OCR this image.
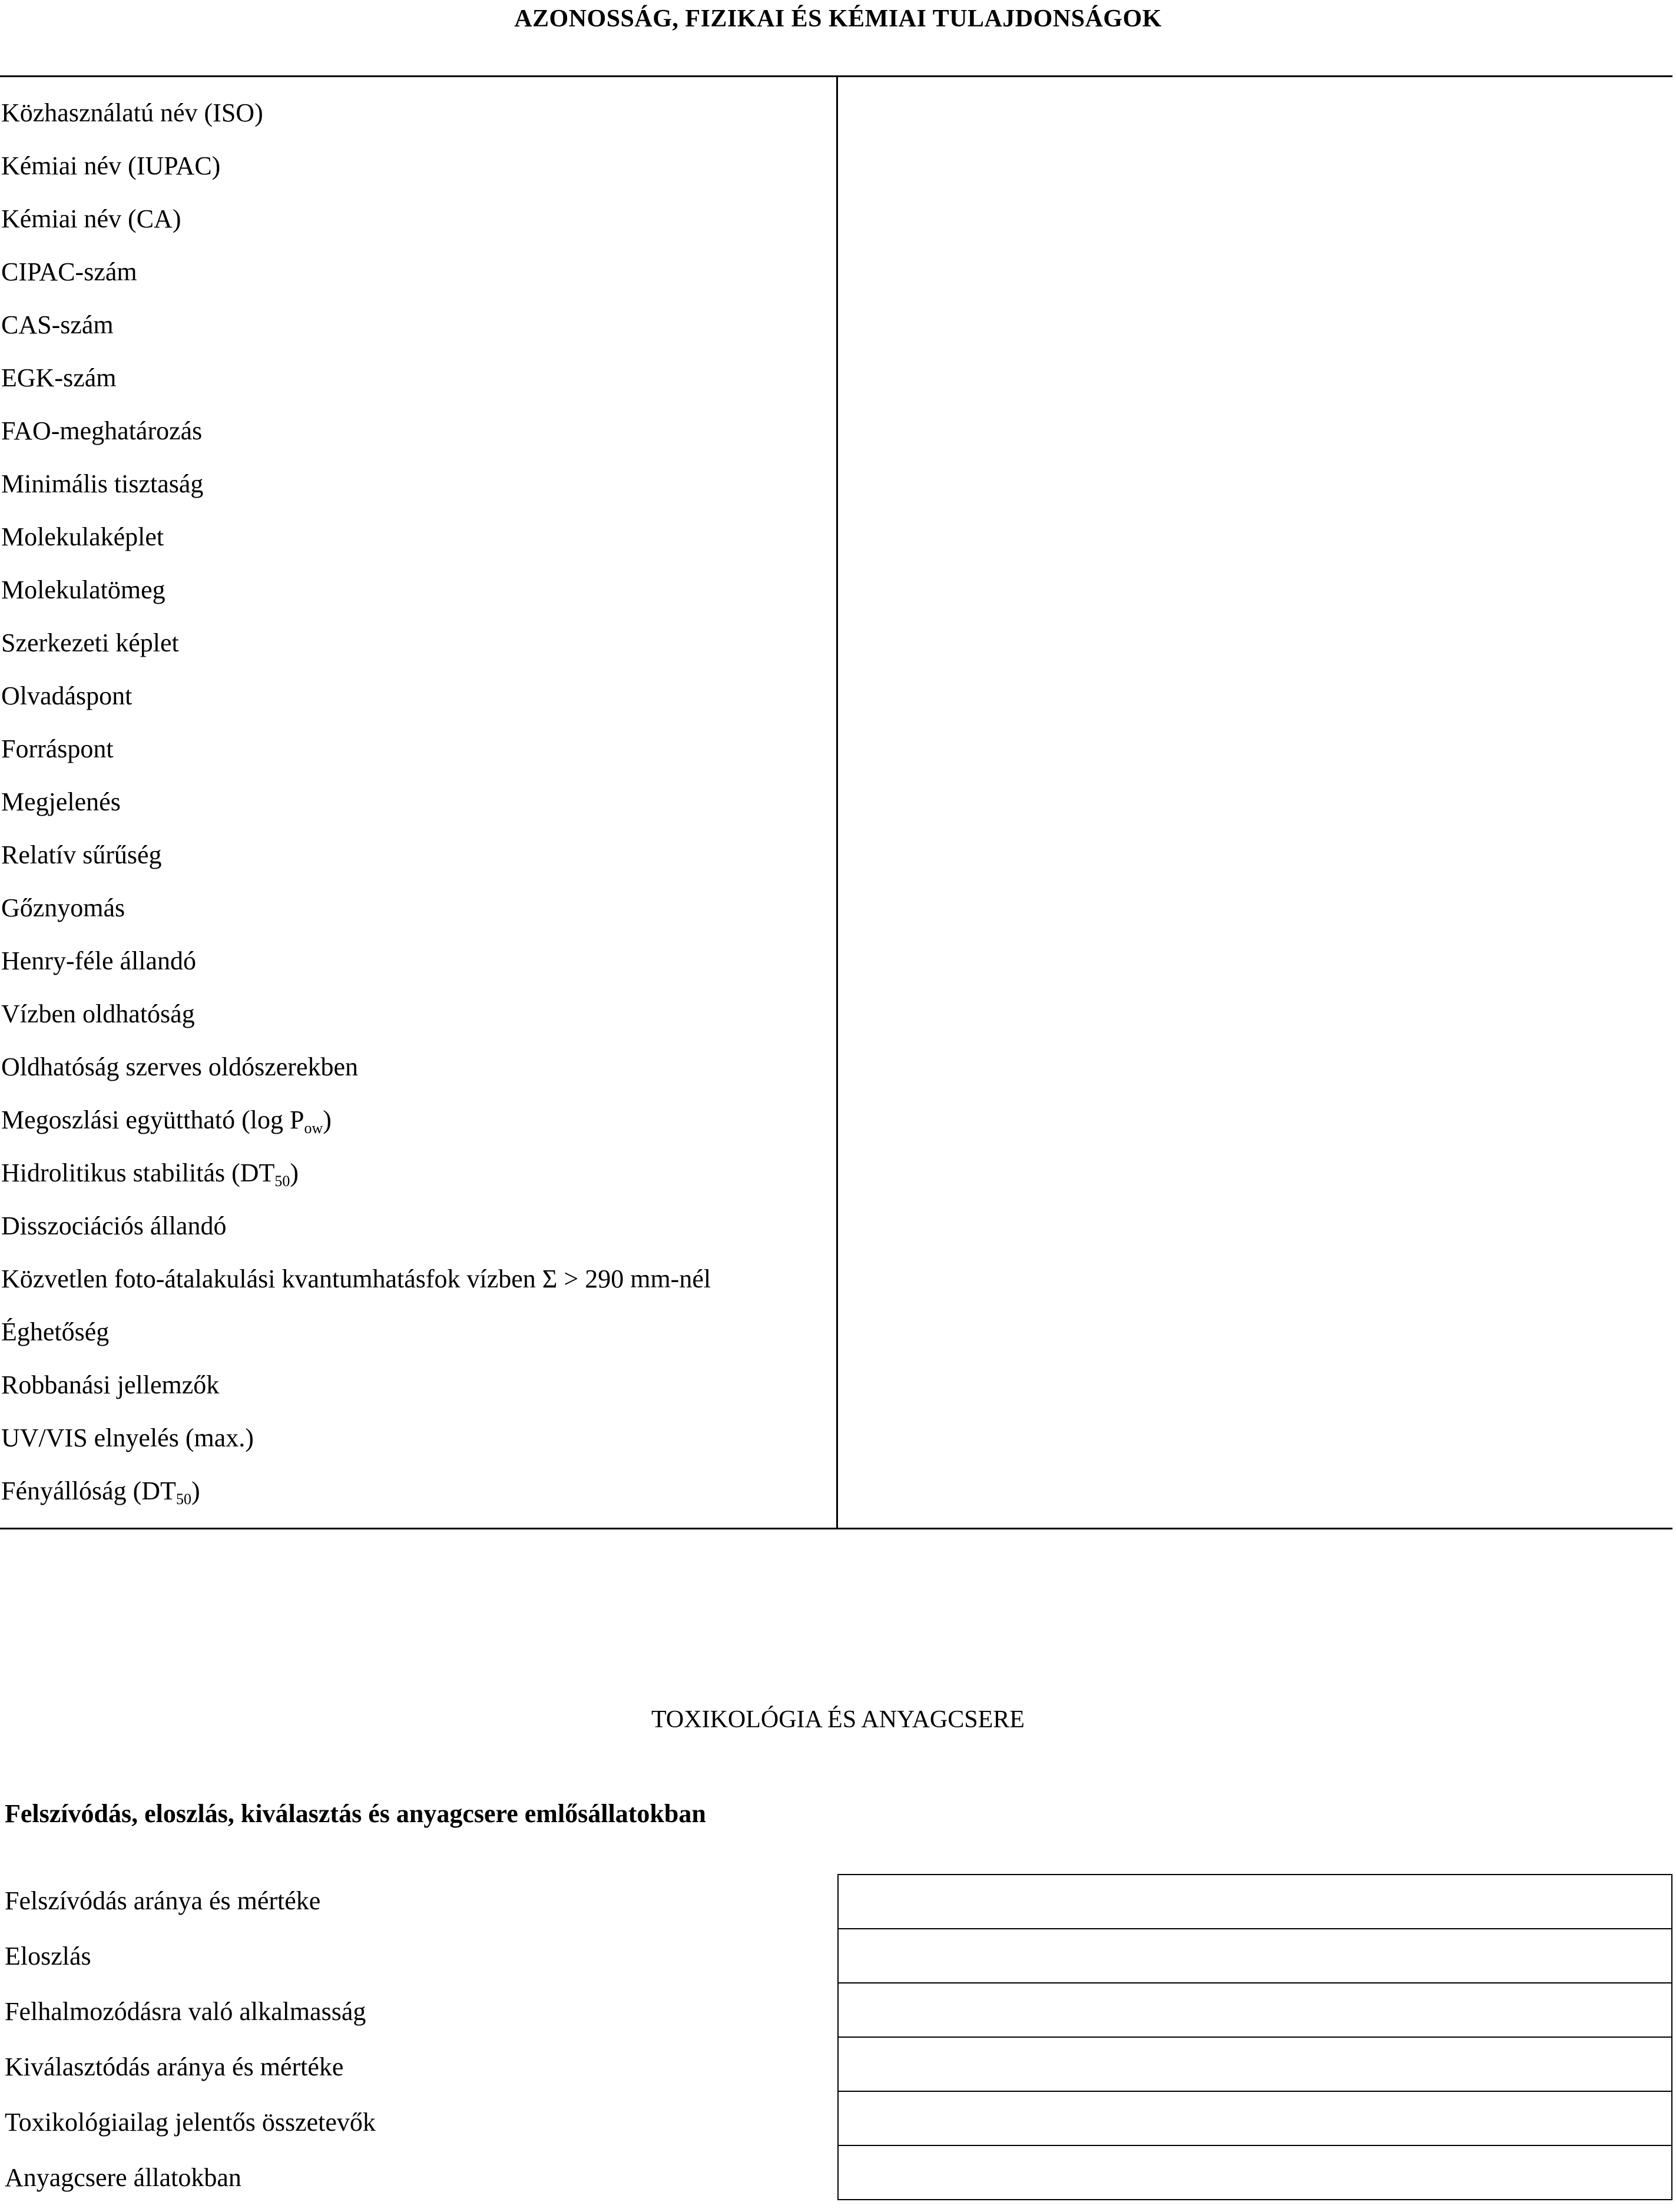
AZONOSSÁG, FIZIKAI ÉS KÉMIAI TULAJDONSÁGOK
Közhasználatú név (ISO)
Kémiai név (IUPAC)
Kémiai név (CA)
CIPAC-szám
CAS-szám
EGK-szám
FAO-meghatározás
Minimális tisztaság
Molekulaképlet
Molekulatömeg
Szerkezeti képlet
Olvadáspont
Forráspont
Megjelenés
Relatív sűrűség
Gőznyomás
Henry-féle állandó
Vízben oldhatóság
Oldhatóság szerves oldószerekben
Megoszlási együttható (log $P_{ow}$)
Hidrolitikus stabilitás $(DT_{50})$
Disszociációs állandó
Közvetlen foto-átalakulási kvantumhatásfok vízben Σ > 290 mm-nél
Éghetőség
Robbanási jellemzők
UV/VIS elnyelés (max.)
Fényállóság $(DT_{50})$
TOXIKOLÓGIA ÉS ANYAGCSERE
Felszívódás, eloszlás, kiválasztás és anyagcsere emlősállatokban
Felszívódás aránya és mértéke
Eloszlás
Felhalmozódásra való alkalmasság
Kiválasztódás aránya és mértéke
Toxikológiailag jelentős összetevők
Anyagcsere állatokban
